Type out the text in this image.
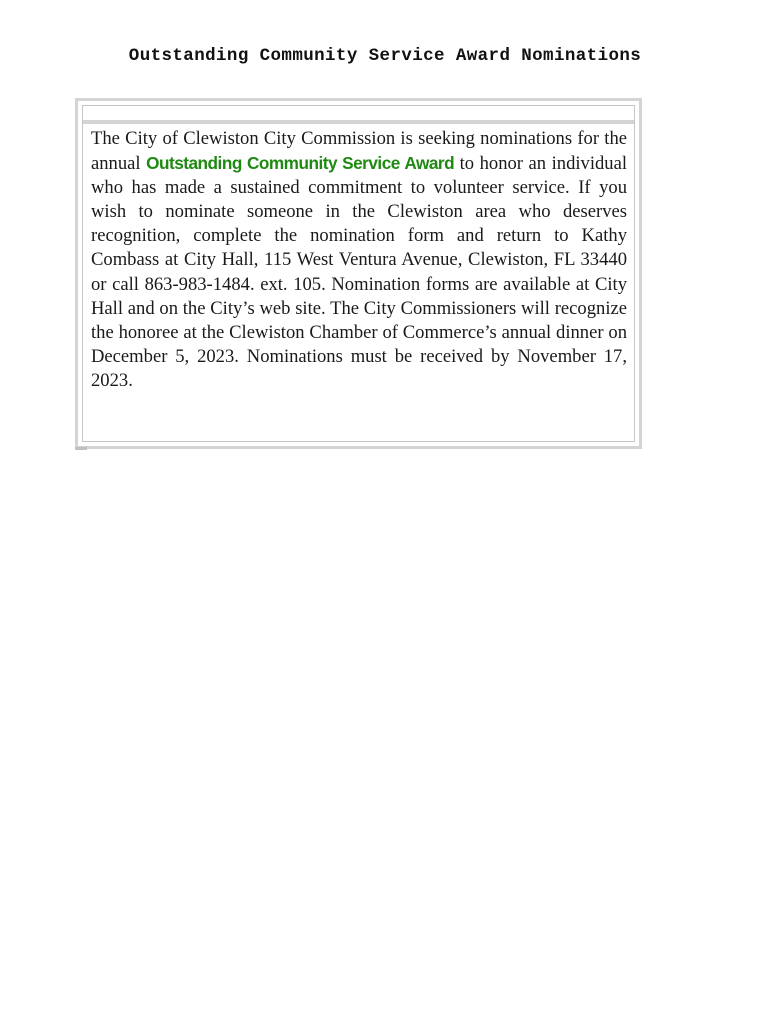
Outstanding Community Service Award Nominations
The City of Clewiston City Commission is seeking nominations for the annual Outstanding Community Service Award to honor an individual who has made a sustained commitment to volunteer service. If you wish to nominate someone in the Clewiston area who deserves recognition, complete the nomination form and return to Kathy Combass at City Hall, 115 West Ventura Avenue, Clewiston, FL 33440 or call 863-983-1484. ext. 105. Nomination forms are available at City Hall and on the City’s web site. The City Commissioners will recognize the honoree at the Clewiston Chamber of Commerce’s annual dinner on December 5, 2023. Nominations must be received by November 17, 2023.
